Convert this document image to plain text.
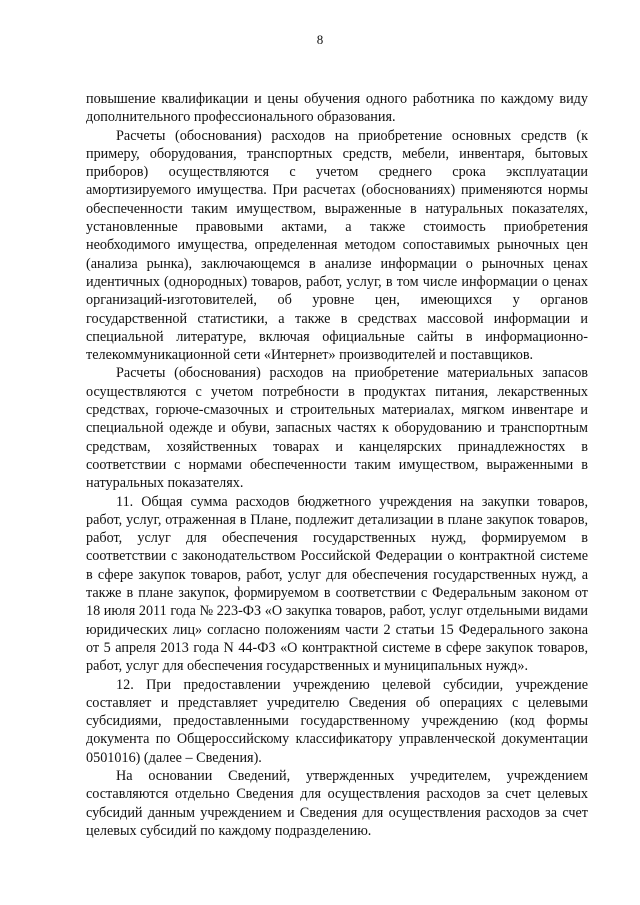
8

повышение квалификации и цены обучения одного работника по каждому виду дополнительного профессионального образования.

Расчеты (обоснования) расходов на приобретение основных средств (к примеру, оборудования, транспортных средств, мебели, инвентаря, бытовых приборов) осуществляются с учетом среднего срока эксплуатации амортизируемого имущества. При расчетах (обоснованиях) применяются нормы обеспеченности таким имуществом, выраженные в натуральных показателях, установленные правовыми актами, а также стоимость приобретения необходимого имущества, определенная методом сопоставимых рыночных цен (анализа рынка), заключающемся в анализе информации о рыночных ценах идентичных (однородных) товаров, работ, услуг, в том числе информации о ценах организаций-изготовителей, об уровне цен, имеющихся у органов государственной статистики, а также в средствах массовой информации и специальной литературе, включая официальные сайты в информационно-телекоммуникационной сети «Интернет» производителей и поставщиков.

Расчеты (обоснования) расходов на приобретение материальных запасов осуществляются с учетом потребности в продуктах питания, лекарственных средствах, горюче-смазочных и строительных материалах, мягком инвентаре и специальной одежде и обуви, запасных частях к оборудованию и транспортным средствам, хозяйственных товарах и канцелярских принадлежностях в соответствии с нормами обеспеченности таким имуществом, выраженными в натуральных показателях.

11. Общая сумма расходов бюджетного учреждения на закупки товаров, работ, услуг, отраженная в Плане, подлежит детализации в плане закупок товаров, работ, услуг для обеспечения государственных нужд, формируемом в соответствии с законодательством Российской Федерации о контрактной системе в сфере закупок товаров, работ, услуг для обеспечения государственных нужд, а также в плане закупок, формируемом в соответствии с Федеральным законом от 18 июля 2011 года № 223-ФЗ «О закупка товаров, работ, услуг отдельными видами юридических лиц» согласно положениям части 2 статьи 15 Федерального закона от 5 апреля 2013 года N 44-ФЗ «О контрактной системе в сфере закупок товаров, работ, услуг для обеспечения государственных и муниципальных нужд».

12. При предоставлении учреждению целевой субсидии, учреждение составляет и представляет учредителю Сведения об операциях с целевыми субсидиями, предоставленными государственному учреждению (код формы документа по Общероссийскому классификатору управленческой документации 0501016) (далее – Сведения).

На основании Сведений, утвержденных учредителем, учреждением составляются отдельно Сведения для осуществления расходов за счет целевых субсидий данным учреждением и Сведения для осуществления расходов за счет целевых субсидий по каждому подразделению.
